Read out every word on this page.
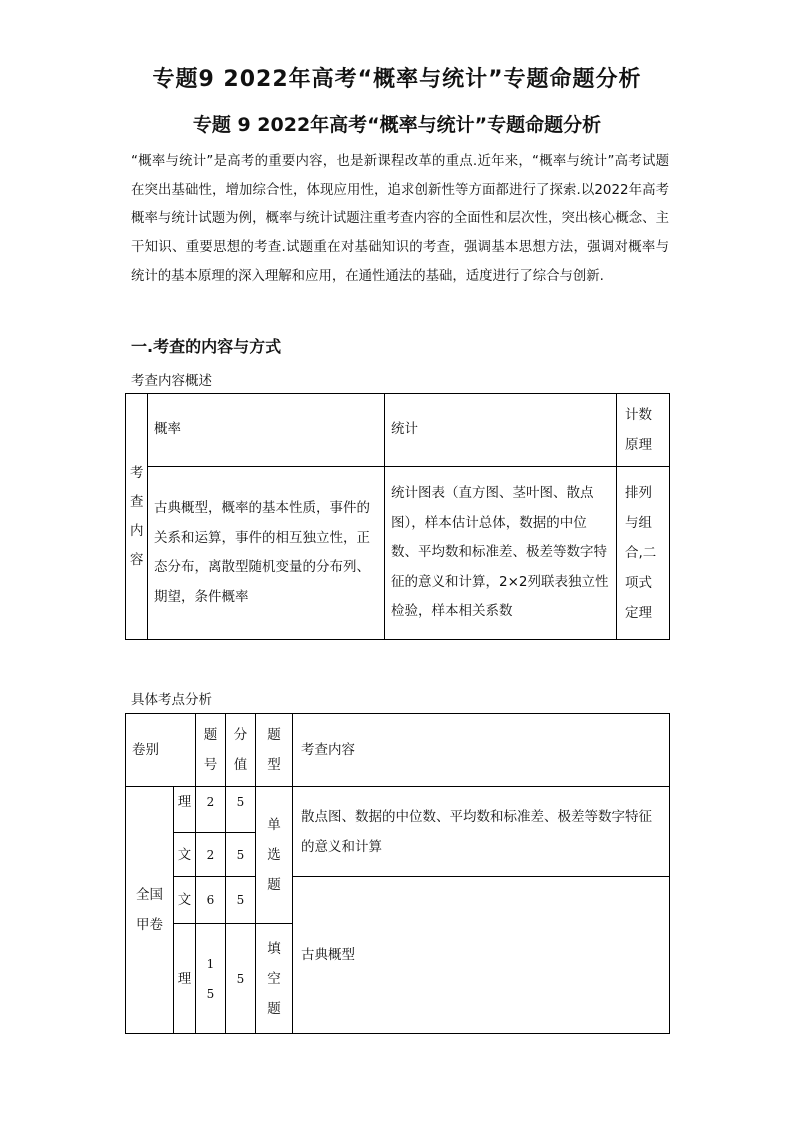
专题9 2022年高考“概率与统计”专题命题分析
专题 9 2022年高考“概率与统计”专题命题分析
“概率与统计”是高考的重要内容，也是新课程改革的重点.近年来，“概率与统计”高考试题在突出基础性，增加综合性，体现应用性，追求创新性等方面都进行了探索.以2022年高考概率与统计试题为例，概率与统计试题注重考查内容的全面性和层次性，突出核心概念、主干知识、重要思想的考查.试题重在对基础知识的考查，强调基本思想方法，强调对概率与统计的基本原理的深入理解和应用，在通性通法的基础，适度进行了综合与创新.
一.考查的内容与方式
考查内容概述
考查内容	概率	统计	计数原理
	古典概型，概率的基本性质，事件的关系和运算，事件的相互独立性，正态分布，离散型随机变量的分布列、期望，条件概率	统计图表（直方图、茎叶图、散点图），样本估计总体，数据的中位数、平均数和标准差、极差等数字特征的意义和计算，2×2列联表独立性检验，样本相关系数	排列与组合,二项式定理
具体考点分析
卷别		题号	分值	题型	考查内容
全国甲卷	理	2	5	单选题	散点图、数据的中位数、平均数和标准差、极差等数字特征的意义和计算
	文	2	5		
	文	6	5		古典概型
	理	15	5	填空题	
